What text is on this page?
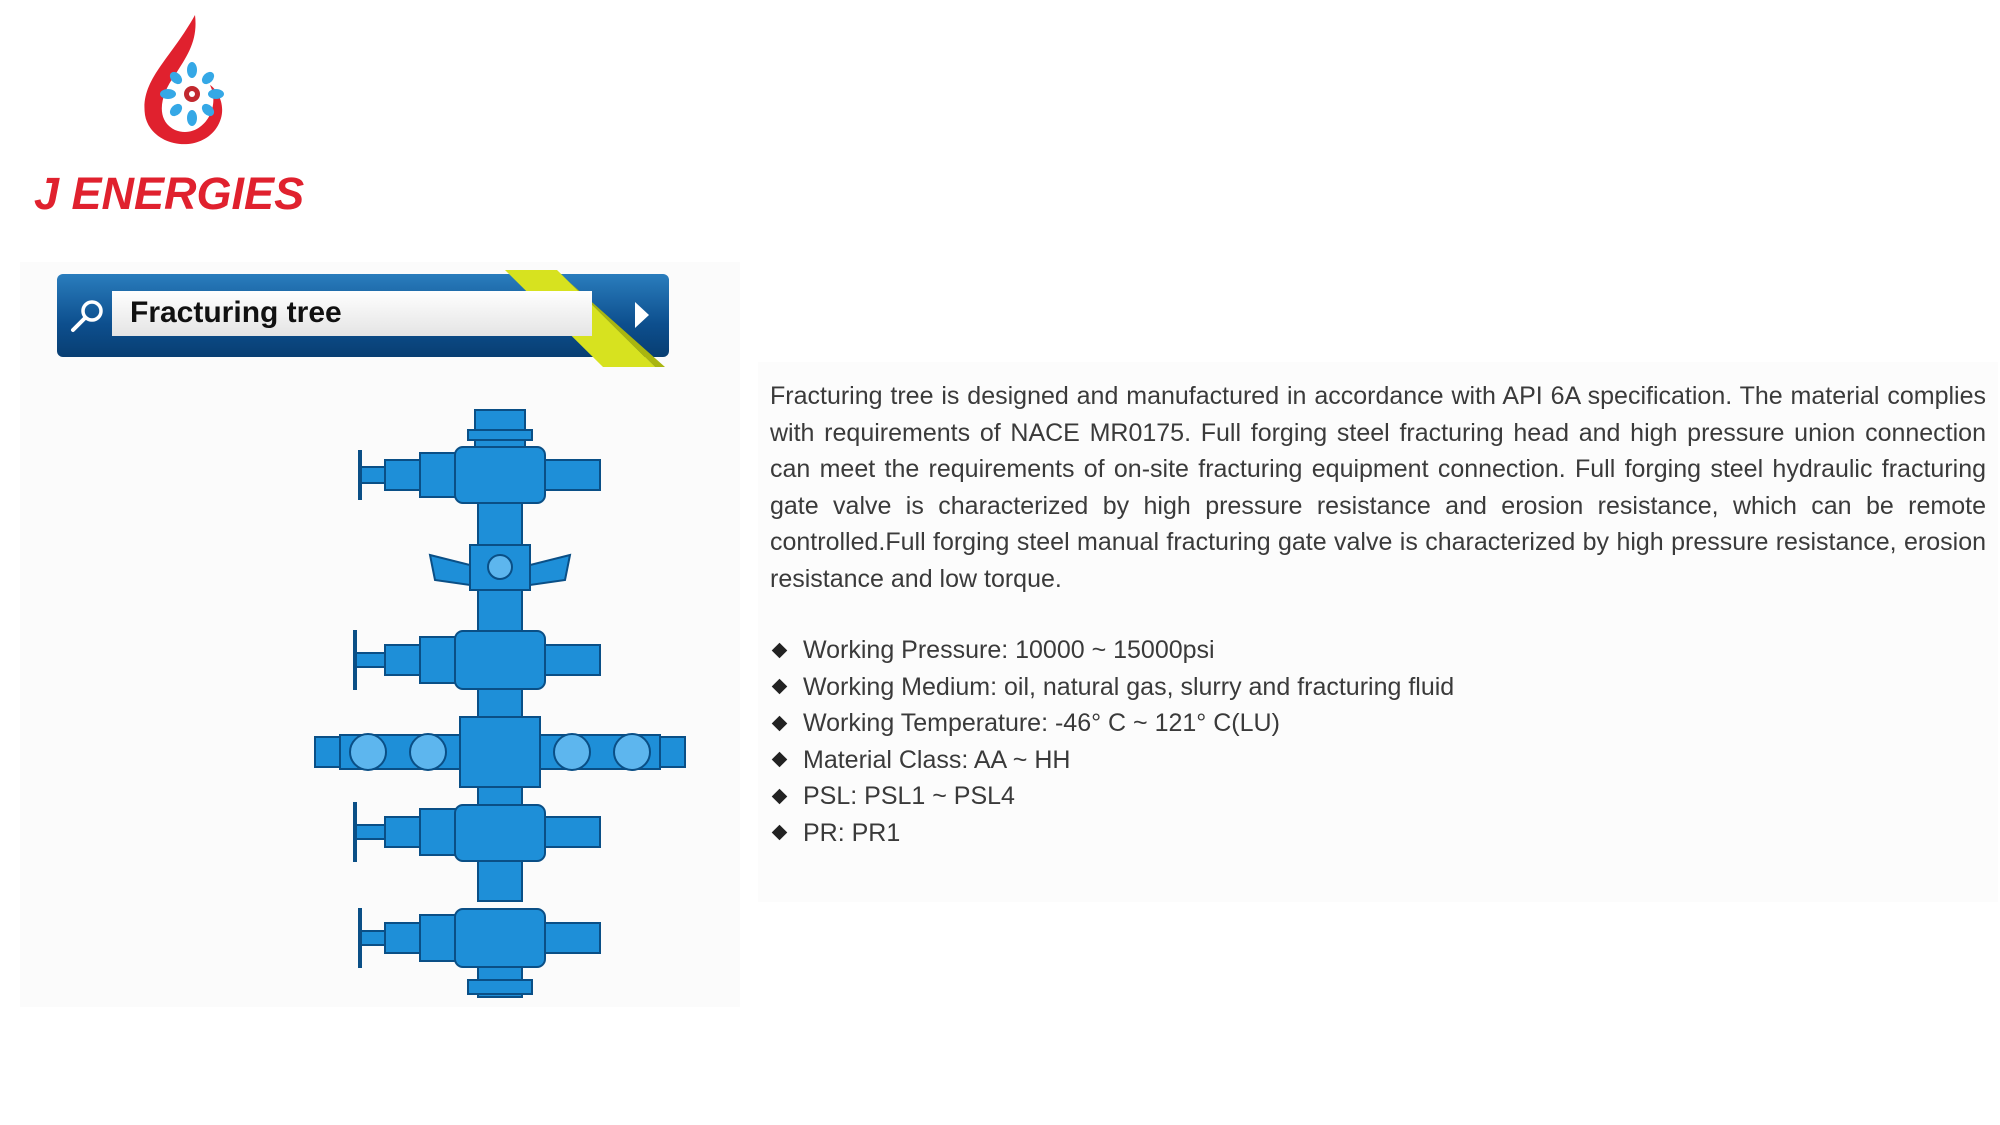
J ENERGIES
Fracturing tree

Fracturing tree is designed and manufactured in accordance with API 6A specification. The material complies with requirements of NACE MR0175. Full forging steel fracturing head and high pressure union connection can meet the requirements of on-site fracturing equipment connection. Full forging steel hydraulic fracturing gate valve is characterized by high pressure resistance and erosion resistance, which can be remote controlled.Full forging steel manual fracturing gate valve is characterized by high pressure resistance, erosion resistance and low torque.

Working Pressure: 10000 ~ 15000psi
Working Medium: oil, natural gas, slurry and fracturing fluid
Working Temperature: -46° C ~ 121° C(LU)
Material Class: AA ~ HH
PSL: PSL1 ~ PSL4
PR: PR1
